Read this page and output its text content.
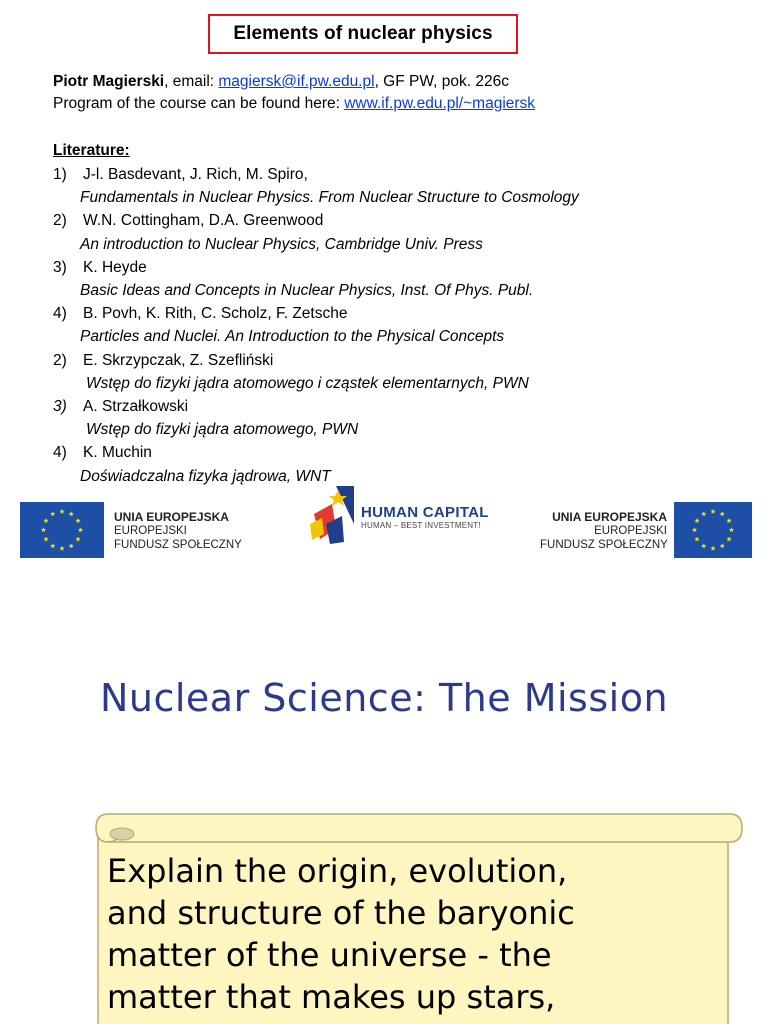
Elements of nuclear physics
Piotr Magierski, email: magiersk@if.pw.edu.pl, GF PW, pok. 226c
Program of the course can be found here: www.if.pw.edu.pl/~magiersk
Literature:
1) J-l. Basdevant, J. Rich, M. Spiro,
Fundamentals in Nuclear Physics. From Nuclear Structure to Cosmology
2) W.N. Cottingham, D.A. Greenwood
An introduction to Nuclear Physics, Cambridge Univ. Press
3) K. Heyde
Basic Ideas and Concepts in Nuclear Physics, Inst. Of Phys. Publ.
4) B. Povh, K. Rith, C. Scholz, F. Zetsche
Particles and Nuclei. An Introduction to the Physical Concepts
2) E. Skrzypczak, Z. Szefliński
Wstęp do fizyki jądra atomowego i cząstek elementarnych, PWN
3) A. Strzałkowski
Wstęp do fizyki jądra atomowego, PWN
4) K. Muchin
Doświadczalna fizyka jądrowa, WNT
UNIA EUROPEJSKA
EUROPEJSKI
FUNDUSZ SPOŁECZNY
HUMAN CAPITAL
HUMAN – BEST INVESTMENT!
UNIA EUROPEJSKA
EUROPEJSKI
FUNDUSZ SPOŁECZNY
Nuclear Science: The Mission
Explain the origin, evolution,
and structure of the baryonic
matter of the universe - the
matter that makes up stars,
